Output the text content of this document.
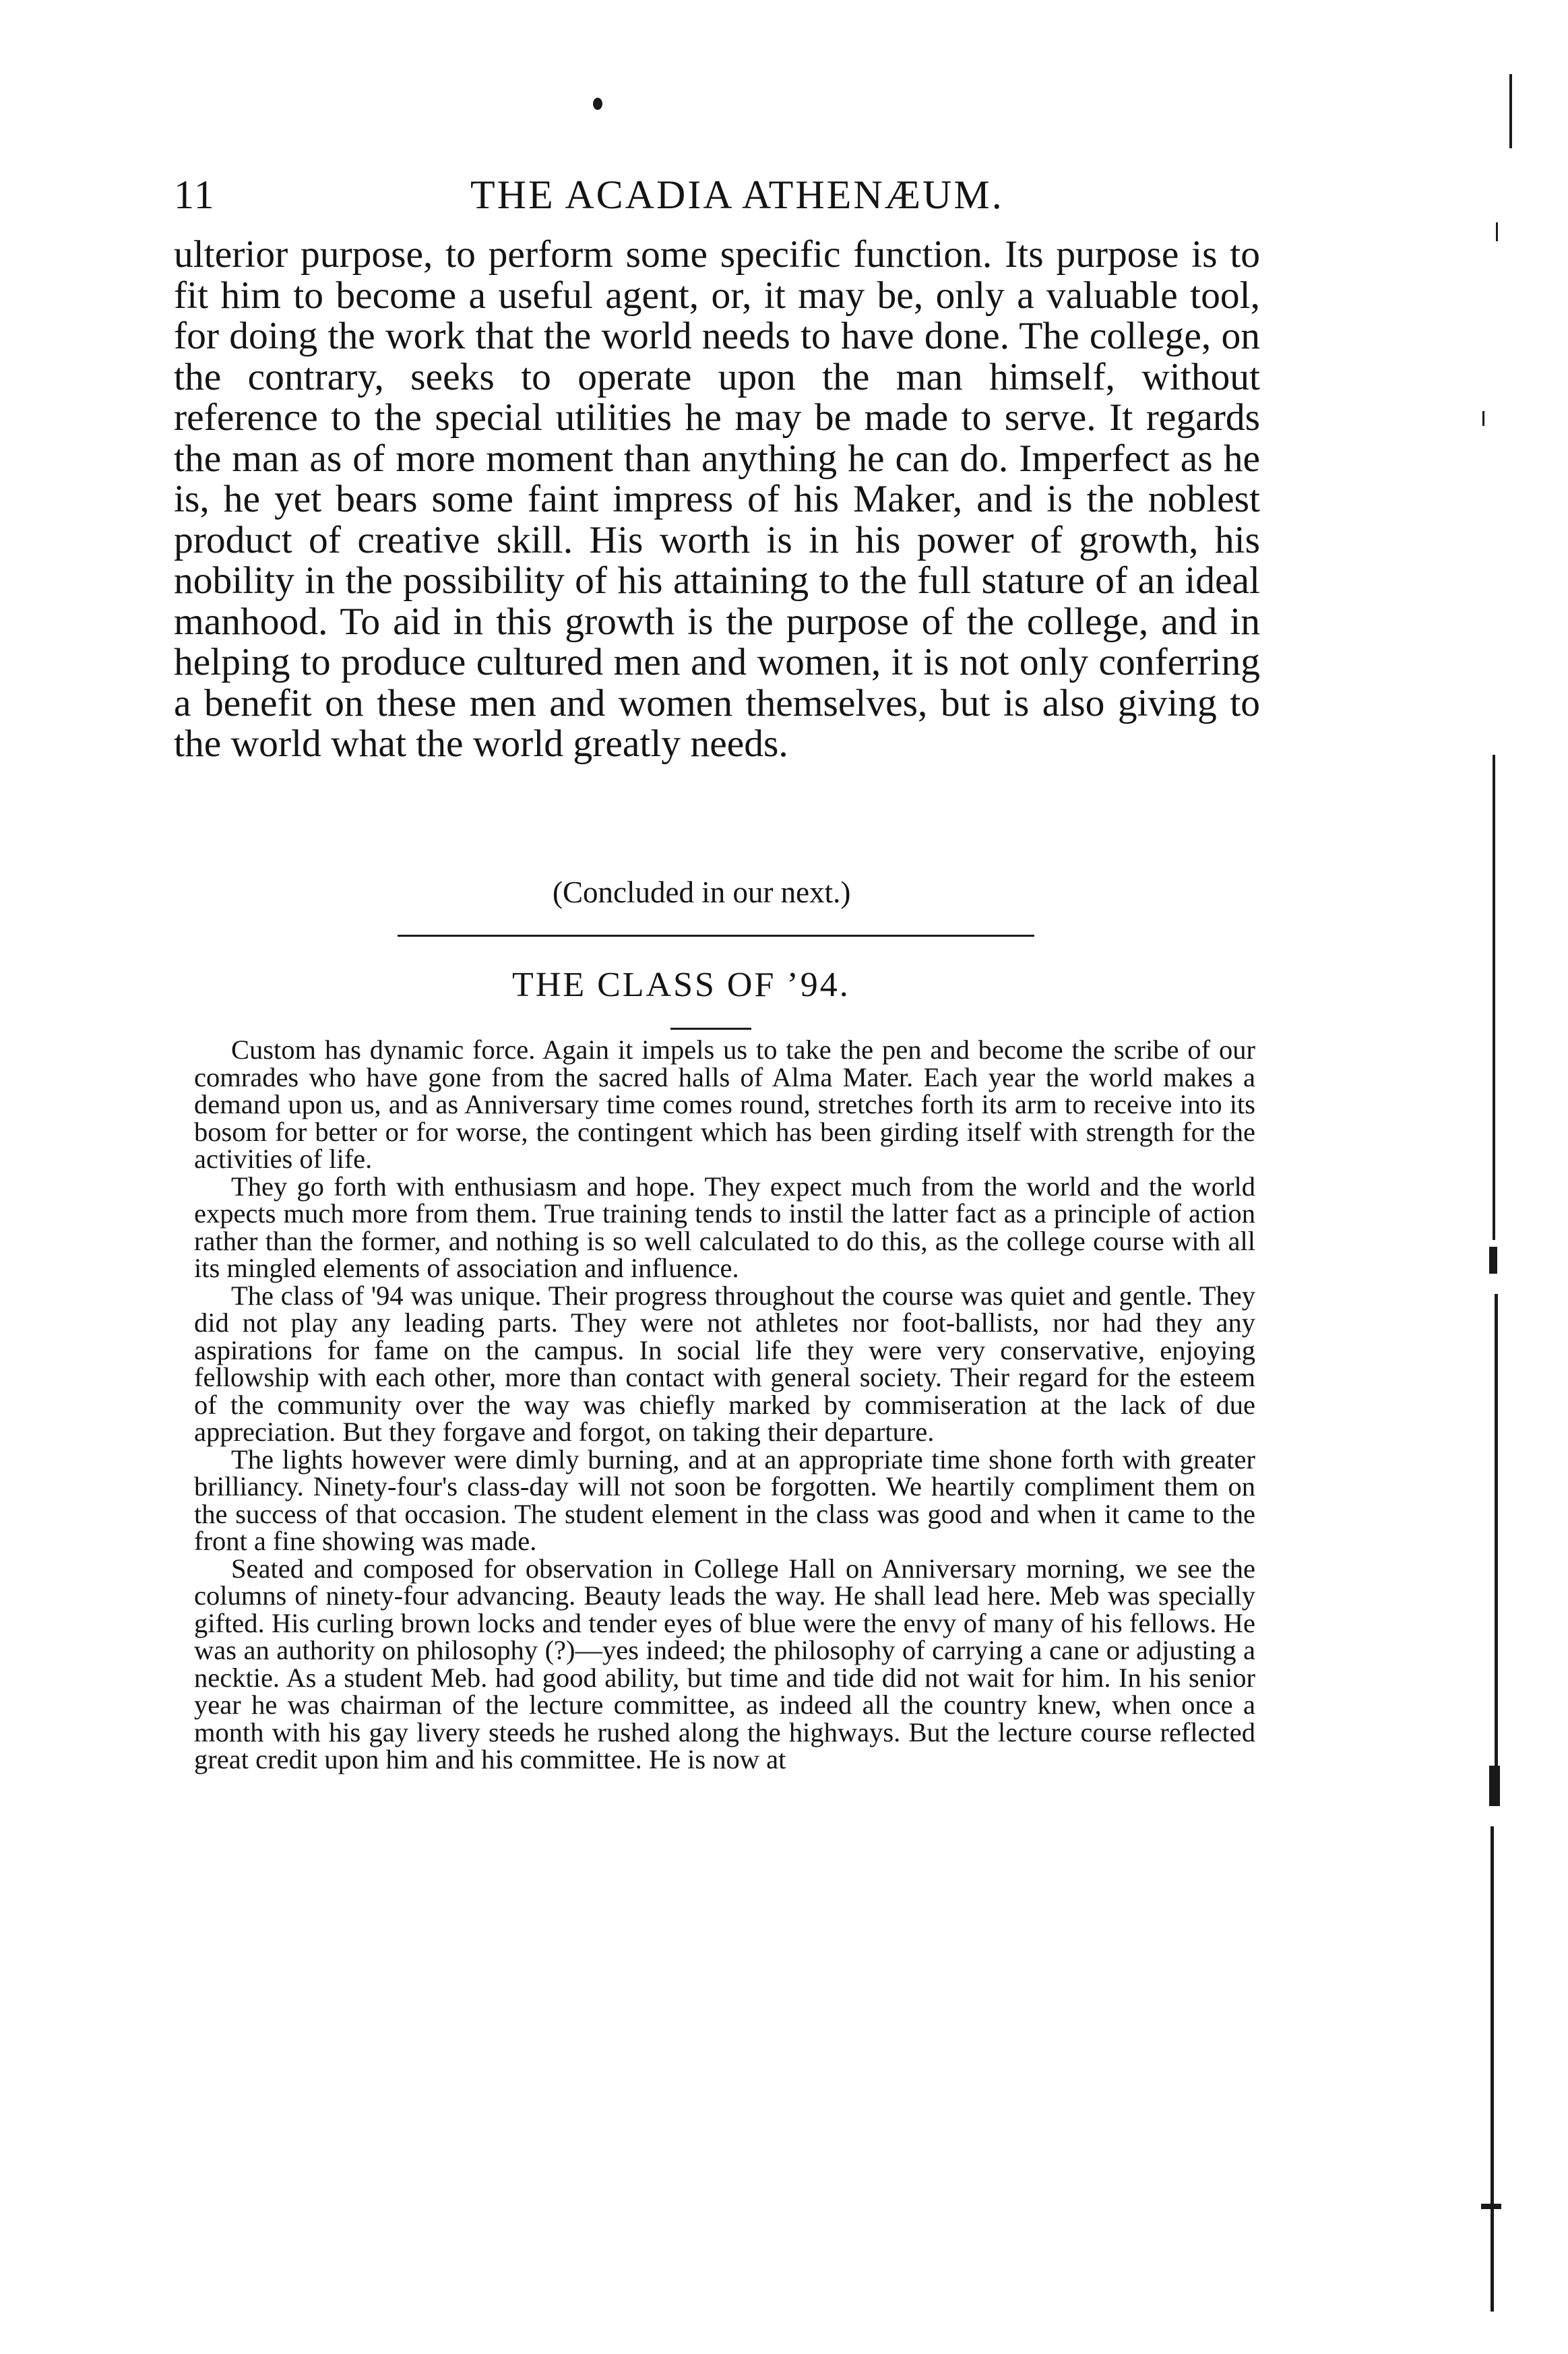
11	THE ACADIA ATHENÆUM.

ulterior purpose, to perform some specific function. Its purpose is to fit him to become a useful agent, or, it may be, only a valuable tool, for doing the work that the world needs to have done. The college, on the contrary, seeks to operate upon the man himself, without reference to the special utilities he may be made to serve. It regards the man as of more moment than anything he can do. Imperfect as he is, he yet bears some faint impress of his Maker, and is the noblest product of creative skill. His worth is in his power of growth, his nobility in the possibility of his attaining to the full stature of an ideal manhood. To aid in this growth is the purpose of the college, and in helping to produce cultured men and women, it is not only conferring a benefit on these men and women themselves, but is also giving to the world what the world greatly needs.

(Concluded in our next.)

THE CLASS OF ’94.

Custom has dynamic force. Again it impels us to take the pen and become the scribe of our comrades who have gone from the sacred halls of Alma Mater. Each year the world makes a demand upon us, and as Anniversary time comes round, stretches forth its arm to receive into its bosom for better or for worse, the contingent which has been girding itself with strength for the activities of life.

They go forth with enthusiasm and hope. They expect much from the world and the world expects much more from them. True training tends to instil the latter fact as a principle of action rather than the former, and nothing is so well calculated to do this, as the college course with all its mingled elements of association and influence.

The class of '94 was unique. Their progress throughout the course was quiet and gentle. They did not play any leading parts. They were not athletes nor foot-ballists, nor had they any aspirations for fame on the campus. In social life they were very conservative, enjoying fellowship with each other, more than contact with general society. Their regard for the esteem of the community over the way was chiefly marked by commiseration at the lack of due appreciation. But they forgave and forgot, on taking their departure.

The lights however were dimly burning, and at an appropriate time shone forth with greater brilliancy. Ninety-four's class-day will not soon be forgotten. We heartily compliment them on the success of that occasion. The student element in the class was good and when it came to the front a fine showing was made.

Seated and composed for observation in College Hall on Anniversary morning, we see the columns of ninety-four advancing. Beauty leads the way. He shall lead here. Meb was specially gifted. His curling brown locks and tender eyes of blue were the envy of many of his fellows. He was an authority on philosophy (?)—yes indeed; the philosophy of carrying a cane or adjusting a necktie. As a student Meb. had good ability, but time and tide did not wait for him. In his senior year he was chairman of the lecture committee, as indeed all the country knew, when once a month with his gay livery steeds he rushed along the highways. But the lecture course reflected great credit upon him and his committee. He is now at
